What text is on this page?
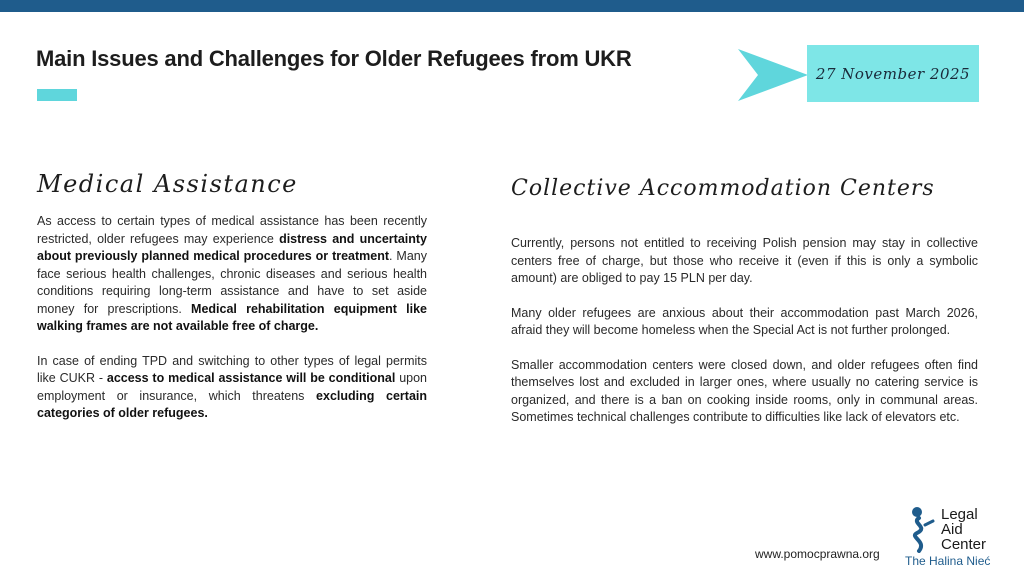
Main Issues and Challenges for Older Refugees from UKR
27 November 2025
Medical Assistance

As access to certain types of medical assistance has been recently restricted, older refugees may experience distress and uncertainty about previously planned medical procedures or treatment. Many face serious health challenges, chronic diseases and serious health conditions requiring long-term assistance and have to set aside money for prescriptions. Medical rehabilitation equipment like walking frames are not available free of charge.

In case of ending TPD and switching to other types of legal permits like CUKR - access to medical assistance will be conditional upon employment or insurance, which threatens excluding certain categories of older refugees.

Collective Accommodation Centers

Currently, persons not entitled to receiving Polish pension may stay in collective centers free of charge, but those who receive it (even if this is only a symbolic amount) are obliged to pay 15 PLN per day.

Many older refugees are anxious about their accommodation past March 2026, afraid they will become homeless when the Special Act is not further prolonged.

Smaller accommodation centers were closed down, and older refugees often find themselves lost and excluded in larger ones, where usually no catering service is organized, and there is a ban on cooking inside rooms, only in communal areas. Sometimes technical challenges contribute to difficulties like lack of elevators etc.

www.pomocprawna.org
Legal
Aid
Center
The Halina Nieć
